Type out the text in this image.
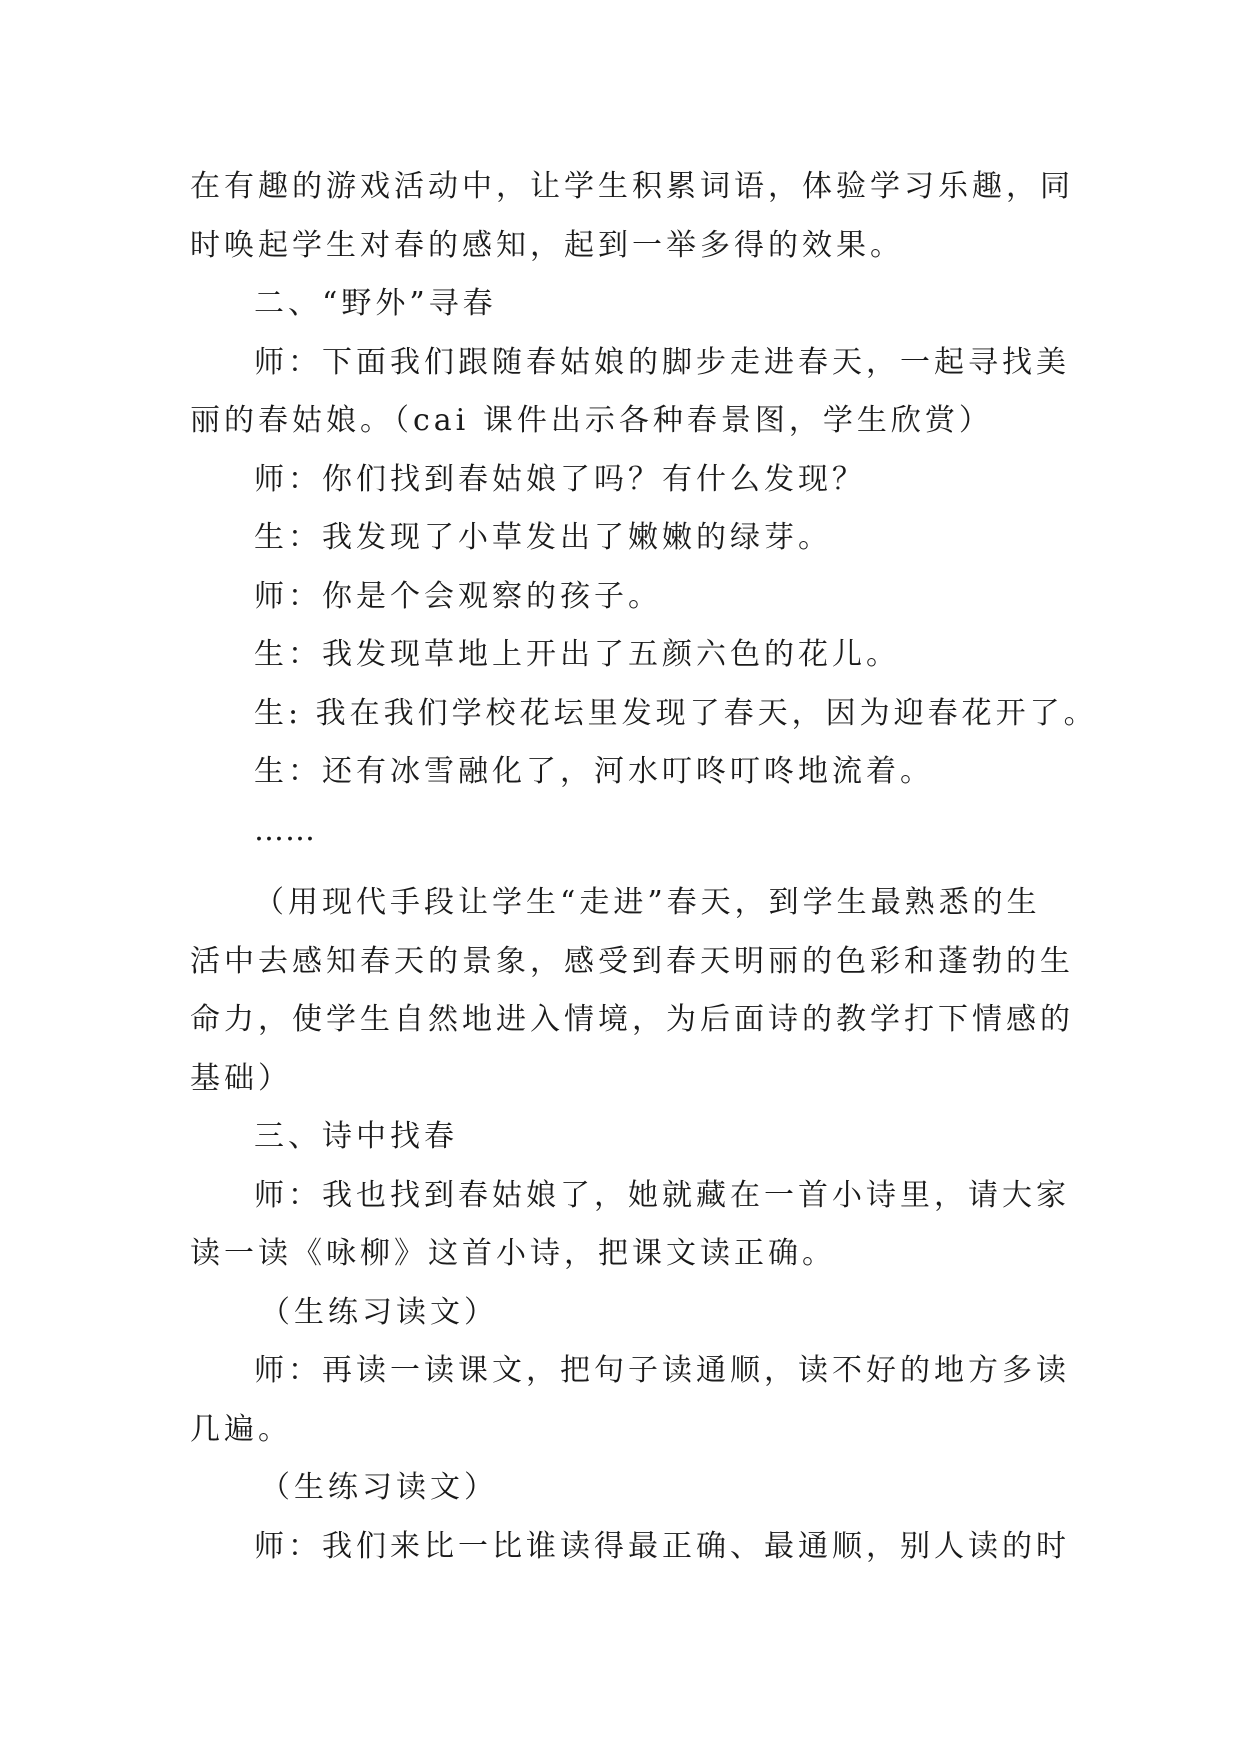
在有趣的游戏活动中，让学生积累词语，体验学习乐趣，同
时唤起学生对春的感知，起到一举多得的效果。
二、“野外”寻春
师：下面我们跟随春姑娘的脚步走进春天，一起寻找美
丽的春姑娘。（cai 课件出示各种春景图，学生欣赏）
师：你们找到春姑娘了吗？有什么发现？
生：我发现了小草发出了嫩嫩的绿芽。
师：你是个会观察的孩子。
生：我发现草地上开出了五颜六色的花儿。
生: 我在我们学校花坛里发现了春天，因为迎春花开了。
生：还有冰雪融化了，河水叮咚叮咚地流着。
……
（用现代手段让学生“走进”春天，到学生最熟悉的生
活中去感知春天的景象，感受到春天明丽的色彩和蓬勃的生
命力，使学生自然地进入情境，为后面诗的教学打下情感的
基础）
三、诗中找春
师：我也找到春姑娘了，她就藏在一首小诗里，请大家
读一读《咏柳》这首小诗，把课文读正确。
（生练习读文）
师：再读一读课文，把句子读通顺，读不好的地方多读
几遍。
（生练习读文）
师：我们来比一比谁读得最正确、最通顺，别人读的时
